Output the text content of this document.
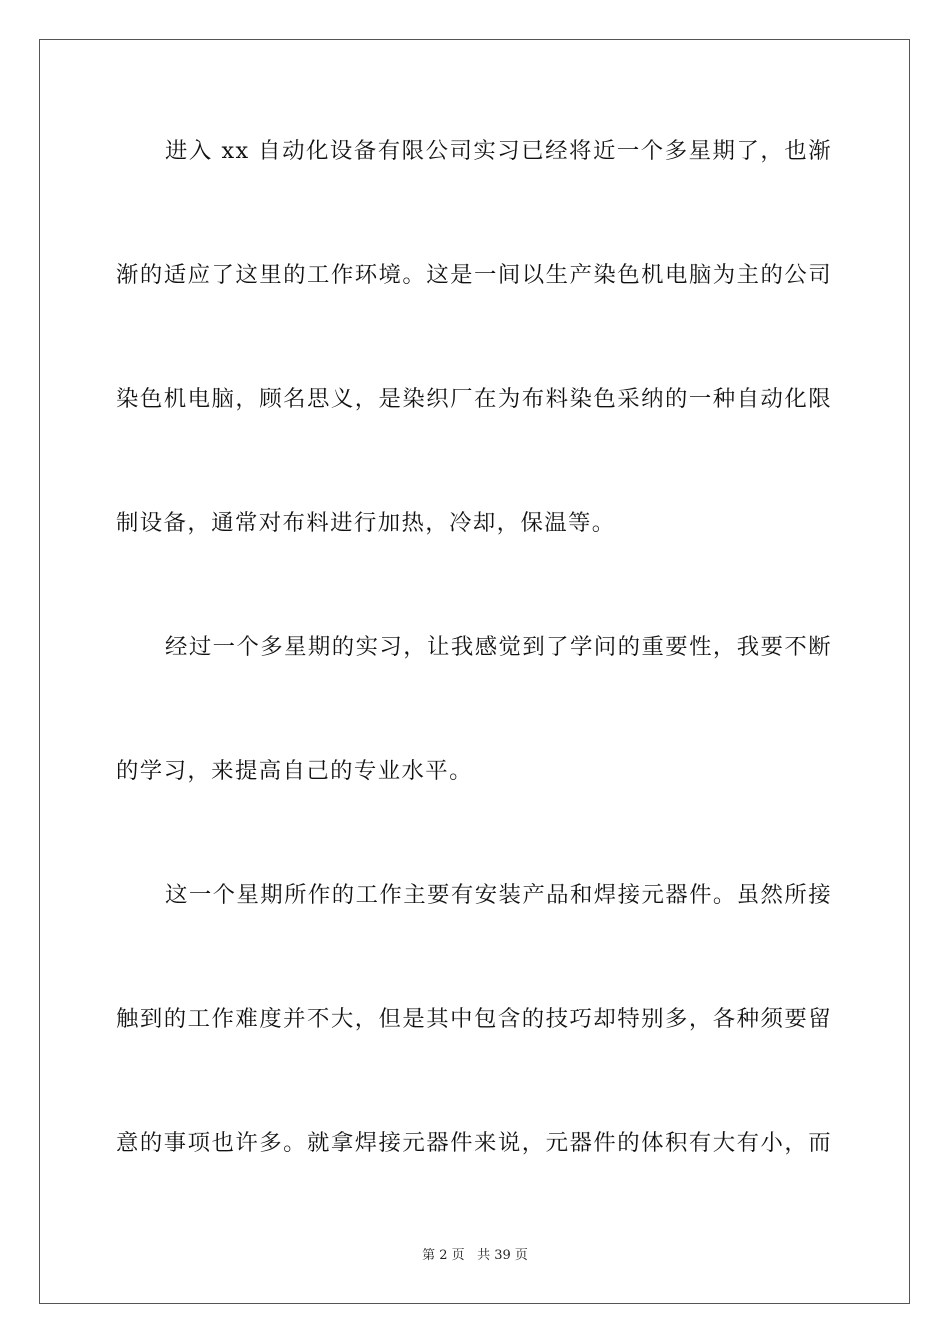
进入 xx 自动化设备有限公司实习已经将近一个多星期了，也渐
渐的适应了这里的工作环境。这是一间以生产染色机电脑为主的公司
染色机电脑，顾名思义，是染织厂在为布料染色采纳的一种自动化限
制设备，通常对布料进行加热，冷却，保温等。
经过一个多星期的实习，让我感觉到了学问的重要性，我要不断
的学习，来提高自己的专业水平。
这一个星期所作的工作主要有安装产品和焊接元器件。虽然所接
触到的工作难度并不大，但是其中包含的技巧却特别多，各种须要留
意的事项也许多。就拿焊接元器件来说，元器件的体积有大有小，而
第 2 页 共 39 页
